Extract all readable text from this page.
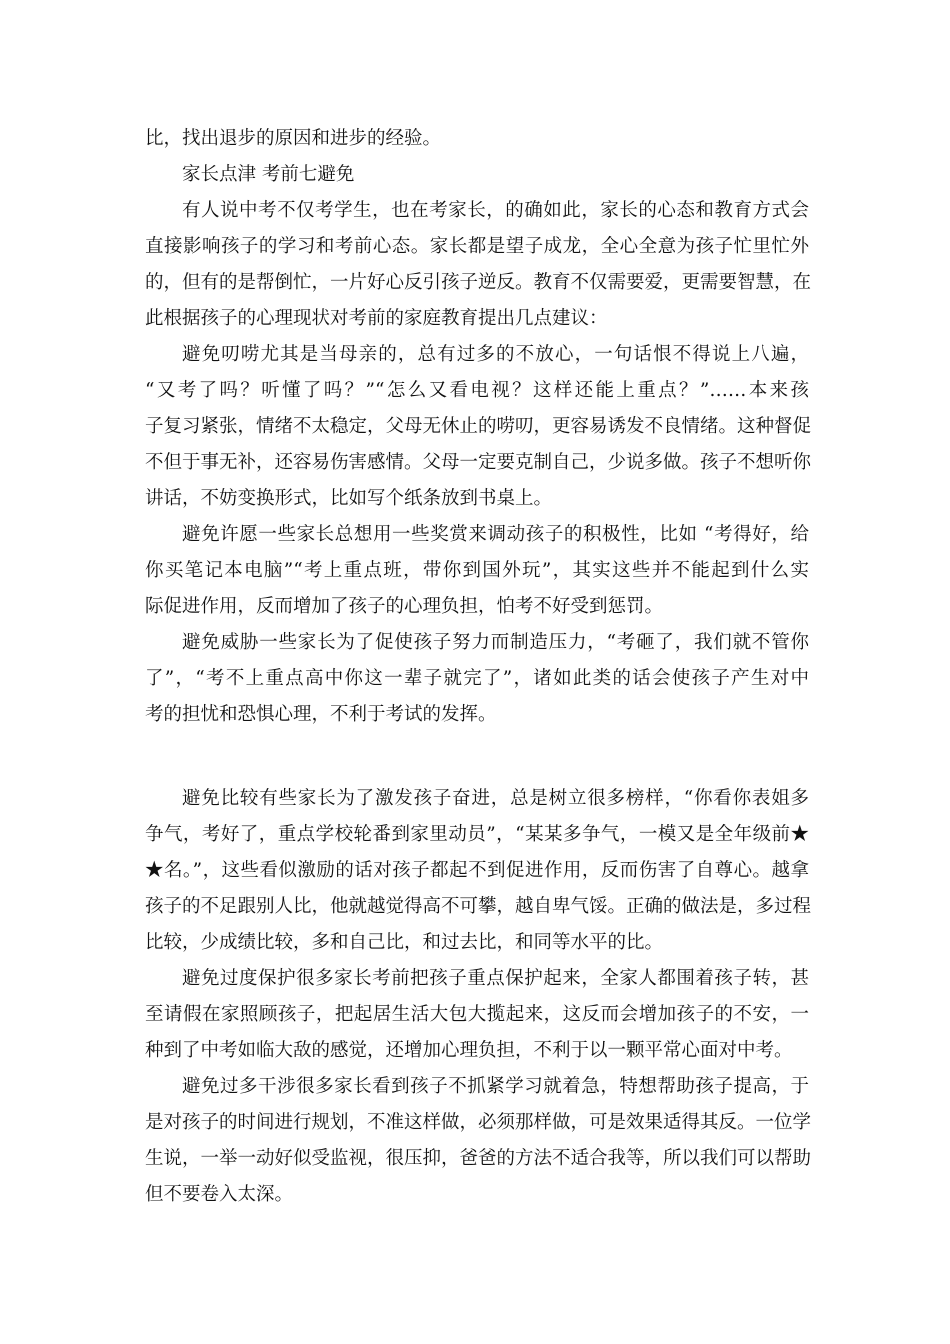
比，找出退步的原因和进步的经验。
家长点津 考前七避免
有人说中考不仅考学生，也在考家长，的确如此，家长的心态和教育方式会
直接影响孩子的学习和考前心态。家长都是望子成龙，全心全意为孩子忙里忙外
的，但有的是帮倒忙，一片好心反引孩子逆反。教育不仅需要爱，更需要智慧，在
此根据孩子的心理现状对考前的家庭教育提出几点建议：
避免叨唠尤其是当母亲的，总有过多的不放心，一句话恨不得说上八遍，
“又考了吗？听懂了吗？”“怎么又看电视？这样还能上重点？”……本来孩
子复习紧张，情绪不太稳定，父母无休止的唠叨，更容易诱发不良情绪。这种督促
不但于事无补，还容易伤害感情。父母一定要克制自己，少说多做。孩子不想听你
讲话，不妨变换形式，比如写个纸条放到书桌上。
避免许愿一些家长总想用一些奖赏来调动孩子的积极性，比如 “考得好，给
你买笔记本电脑”“考上重点班，带你到国外玩”，其实这些并不能起到什么实
际促进作用，反而增加了孩子的心理负担，怕考不好受到惩罚。
避免威胁一些家长为了促使孩子努力而制造压力，“考砸了，我们就不管你
了”，“考不上重点高中你这一辈子就完了”，诸如此类的话会使孩子产生对中
考的担忧和恐惧心理，不利于考试的发挥。
避免比较有些家长为了激发孩子奋进，总是树立很多榜样，“你看你表姐多
争气，考好了，重点学校轮番到家里动员”，“某某多争气，一模又是全年级前★
★名。”，这些看似激励的话对孩子都起不到促进作用，反而伤害了自尊心。越拿
孩子的不足跟别人比，他就越觉得高不可攀，越自卑气馁。正确的做法是，多过程
比较，少成绩比较，多和自己比，和过去比，和同等水平的比。
避免过度保护很多家长考前把孩子重点保护起来，全家人都围着孩子转，甚
至请假在家照顾孩子，把起居生活大包大揽起来，这反而会增加孩子的不安，一
种到了中考如临大敌的感觉，还增加心理负担，不利于以一颗平常心面对中考。
避免过多干涉很多家长看到孩子不抓紧学习就着急，特想帮助孩子提高，于
是对孩子的时间进行规划，不准这样做，必须那样做，可是效果适得其反。一位学
生说，一举一动好似受监视，很压抑，爸爸的方法不适合我等，所以我们可以帮助
但不要卷入太深。
